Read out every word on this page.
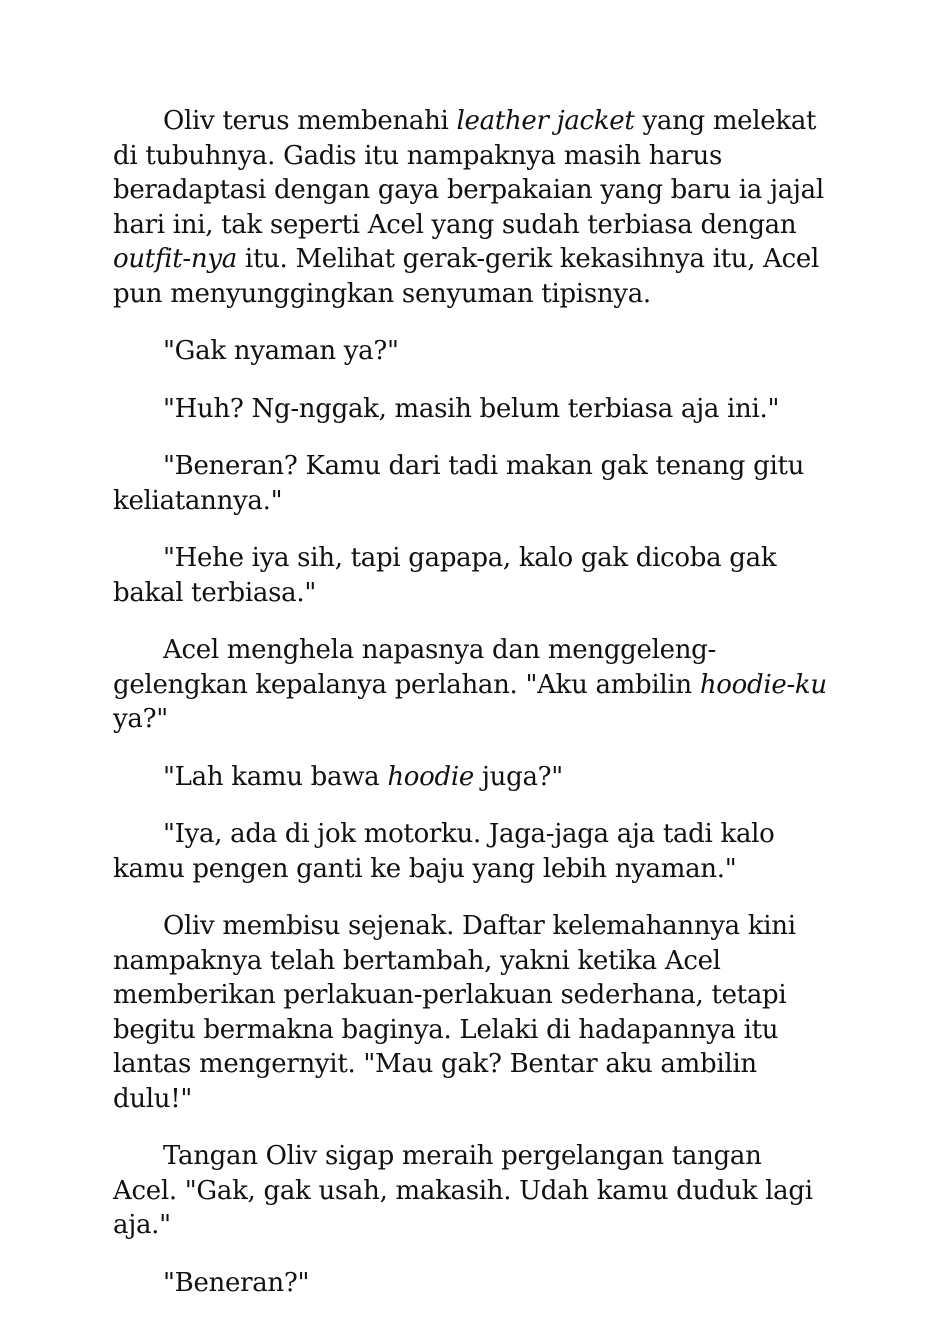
Oliv terus membenahi leather jacket yang melekat di tubuhnya. Gadis itu nampaknya masih harus beradaptasi dengan gaya berpakaian yang baru ia jajal hari ini, tak seperti Acel yang sudah terbiasa dengan outfit-nya itu. Melihat gerak-gerik kekasihnya itu, Acel pun menyunggingkan senyuman tipisnya.

"Gak nyaman ya?"

"Huh? Ng-nggak, masih belum terbiasa aja ini."

"Beneran? Kamu dari tadi makan gak tenang gitu keliatannya."

"Hehe iya sih, tapi gapapa, kalo gak dicoba gak bakal terbiasa."

Acel menghela napasnya dan menggeleng-gelengkan kepalanya perlahan. "Aku ambilin hoodie-ku ya?"

"Lah kamu bawa hoodie juga?"

"Iya, ada di jok motorku. Jaga-jaga aja tadi kalo kamu pengen ganti ke baju yang lebih nyaman."

Oliv membisu sejenak. Daftar kelemahannya kini nampaknya telah bertambah, yakni ketika Acel memberikan perlakuan-perlakuan sederhana, tetapi begitu bermakna baginya. Lelaki di hadapannya itu lantas mengernyit. "Mau gak? Bentar aku ambilin dulu!"

Tangan Oliv sigap meraih pergelangan tangan Acel. "Gak, gak usah, makasih. Udah kamu duduk lagi aja."

"Beneran?"
